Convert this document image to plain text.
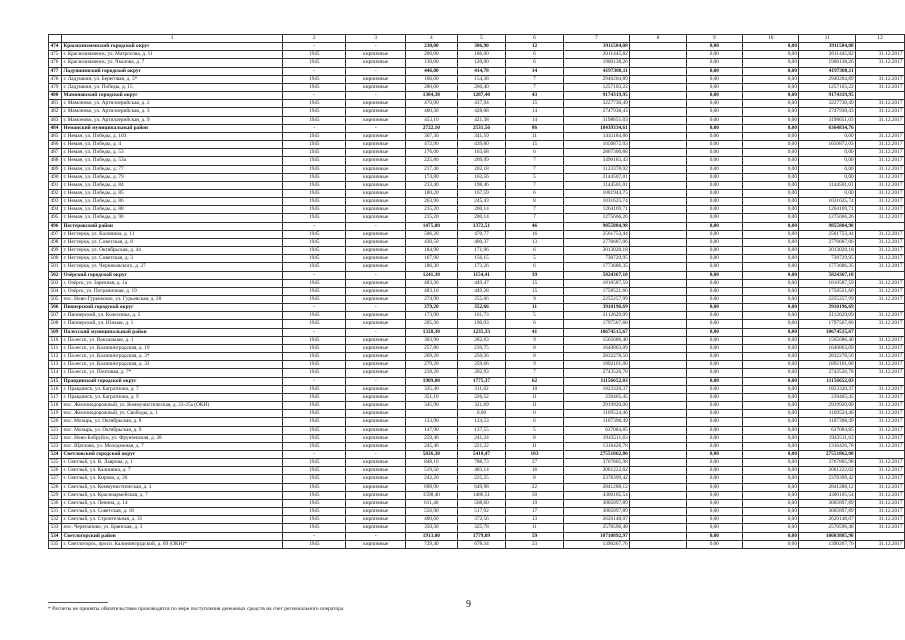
	1	2	3	4	5	6	7	8	9	10	11	12
474	Краснознаменский городской округ	-	-	230,00	306,90	12	3911584,08		0,00	0,00	3911584,08	
475	г. Краснознаменск, ул. Матросова, д. 11	1945	кирпичные	200,00	186,00	6	2011445,82		0,00	0,00	2011445,82	31.12.2017
476	г. Краснознаменск, ул. Чкалова, д. 7	1945	кирпичные	130,00	120,90	6	1900138,26		0,00	0,00	1900138,26	31.12.2017
477	Ладушкинский городской округ	-	-	446,00	414,78	14	4197308,11		0,00	0,00	4197308,11	
478	г. Ладушкин, ул. Береговая, д. 5*	1945	кирпичные	166,00	154,38	7	2940204,89		0,00	0,00	2940204,89	31.12.2017
479	г. Ладушкин, ул. Победы, д. 15	1945	кирпичные	280,00	260,40	7	1257103,22		0,00	0,00	1257103,22	31.12.2017
480	Мамоновский городской округ	-	-	1384,30	1287,40	43	9174319,95		0,00	0,00	9174319,95	
481	г. Мамоново, ул. Артиллерийская, д. 2	1945	кирпичные	470,90	437,94	15	3227730,49		0,00	0,00	3227730,49	31.12.2017
482	г. Мамоново, ул. Артиллерийская, д. 3	1945	кирпичные	460,30	428,08	14	2747938,43		0,00	0,00	2747938,43	31.12.2017
483	г. Мамоново, ул. Артиллерийская, д. 9	1945	кирпичные	453,10	421,38	14	3198651,03		0,00	0,00	3198651,03	31.12.2017
484	Неманский муниципальный район	-	-	2722,10	2531,56	86	18439334,61		0,00	0,00	6364834,76	
485	г. Неман, ул. Победы, д. 103	1945	кирпичные	367,30	341,59	11	1441184,86		0,00	0,00	0,00	31.12.2017
486	г. Неман, ул. Победы, д. 4	1945	кирпичные	472,90	439,80	15	1650872,03		0,00	0,00	1650872,03	31.12.2017
487	г. Неман, ул. Победы, д. 53	1945	кирпичные	176,00	163,68	6	2867300,88		0,00	0,00	0,00	31.12.2017
488	г. Неман, ул. Победы, д. 53а	1945	кирпичные	225,80	209,99	7	3490183,43		0,00	0,00	0,00	31.12.2017
489	г. Неман, ул. Победы, д. 77	1945	кирпичные	217,40	202,18	7	1123378,92		0,00	0,00	0,00	31.12.2017
490	г. Неман, ул. Победы, д. 79	1945	кирпичные	174,80	162,56	5	2144507,01		0,00	0,00	0,00	31.12.2017
491	г. Неман, ул. Победы, д. 84	1945	кирпичные	213,40	198,46	7	1144501,01		0,00	0,00	1144501,01	31.12.2017
492	г. Неман, ул. Победы, д. 85	1945	кирпичные	180,20	167,59	6	1001944,75		0,00	0,00	0,00	31.12.2017
493	г. Неман, ул. Победы, д. 86	1945	кирпичные	263,90	245,43	8	1031625,74		0,00	0,00	1031625,74	31.12.2017
494	г. Неман, ул. Победы, д. 88	1945	кирпичные	215,20	200,14	7	1264169,71		0,00	0,00	1264169,71	31.12.2017
495	г. Неман, ул. Победы, д. 90	1945	кирпичные	215,20	200,14	7	1275666,26		0,00	0,00	1275666,26	31.12.2017
496	Нестеровский район	-	-	1475,80	1372,51	46	9855884,98		0,00	0,00	9855884,98	
497	г. Нестеров, ул. Калинина, д. 11	1945	кирпичные	506,20	470,77	16	2561753,44		0,00	0,00	2561753,44	31.12.2017
498	г. Нестеров, ул. Советская, д. 8	1945	кирпичные	430,50	400,37	13	2776687,06		0,00	0,00	2776687,06	31.12.2017
499	г. Нестеров, ул. Октябрьская, д. 44	1945	кирпичные	184,90	171,96	6	2013028,18		0,00	0,00	2013028,18	31.12.2017
500	г. Нестеров, ул. Советская, д. 3	1945	кирпичные	167,90	156,15	5	730729,95		0,00	0,00	730729,95	31.12.2017
501	г. Нестеров, ул. Черняховского, д. 27	1945	кирпичные	186,30	173,26	6	1773686,35		0,00	0,00	1773686,35	31.12.2017
502	Озёрский городской округ	-	-	1241,30	1154,41	39	5824367,18		0,00	0,00	5824367,18	
503	г. Озёрск, ул. Заречная, д. 1а	1945	кирпичные	483,30	449,47	15	1810587,59		0,00	0,00	1810587,59	31.12.2017
504	г. Озёрск, ул. Пограничная, д. 19	1945	кирпичные	483,10	449,28	15	1758521,60		0,00	0,00	1758521,60	31.12.2017
505	пос. Ново-Гурьевское, ул. Гурьевская, д. 28	1945	кирпичные	274,90	255,66	9	2255257,99		0,00	0,00	2255257,99	31.12.2017
506	Пионерский городской округ	-	-	379,20	352,66	11	3910196,69		0,00	0,00	3910196,69	
507	г. Пионерский, ул. Колесника, д. 5	1945	кирпичные	173,90	161,73	5	2112629,09		0,00	0,00	2112629,09	31.12.2017
508	г. Пионерский, ул. Южная, д. 1	1945	кирпичные	205,30	190,93	6	1797567,60		0,00	0,00	1797567,60	31.12.2017
509	Полесский муниципальный район	-	-	1328,30	1235,33	41	10674515,67		0,00	0,00	10674515,67	
510	г. Полесск, ул. Вокзальная, д. 1	1945	кирпичные	303,90	282,63	9	1565686,40		0,00	0,00	1565686,40	31.12.2017
511	г. Полесск, ул. Калининградская, д. 19	1945	кирпичные	257,80	239,75	8	1640863,09		0,00	0,00	1640863,09	31.12.2017
512	г. Полесск, ул. Калининградская, д. 3*	1945	кирпичные	269,20	250,36	8	2832278,50		0,00	0,00	2832278,50	31.12.2017
513	г. Полесск, ул. Калининградская, д. 32	1945	кирпичные	279,20	259,66	9	1892161,00		0,00	0,00	1892161,00	31.12.2017
514	г. Полесск, ул. Почтовая, д. 7*	1945	кирпичные	218,20	202,93	7	2743526,78		0,00	0,00	2743526,78	31.12.2017
515	Правдинский городской округ	-	-	1909,00	1775,37	62	11156652,03		0,00	0,00	11156652,03	
516	г. Правдинск, ул. Багратиона, д. 7	1945	кирпичные	335,40	311,62	10	1823320,37		0,00	0,00	1823320,37	31.12.2017
517	г. Правдинск, ул. Багратиона, д. 9	1945	кирпичные	351,10	326,52	11	239465,45		0,00	0,00	239465,45	31.12.2017
518	пос. Железнодорожный, ул. Коммунистическая, д. 23-25а (ОКН)	1945	кирпичные	345,90	321,69	11	2919920,00		0,00	0,00	2919920,00	31.12.2017
519	пос. Железнодорожный, ул. Свободы, д. 1	1945	кирпичные		0,00	0	1169524,46		0,00	0,00	1169524,46	31.12.2017
520	пос. Мозырь, ул. Октябрьская, д. 8	1945	кирпичные	133,90	124,53	6	1107398,49		0,00	0,00	1107398,49	31.12.2017
521	пос. Мозырь, ул. Октябрьская, д. 9	1945	кирпичные	147,90	137,55	5	637084,85		0,00	0,00	637084,85	31.12.2017
522	пос. Ново-Бобруйск, ул. Фрунзенская, д. 28	1945	кирпичные	259,40	241,24	8	1943511,63		0,00	0,00	1943511,63	31.12.2017
523	пос. Щеглово, ул. Молодежная, д. 7	1945	кирпичные	245,40	221,22	11	1316426,78		0,00	0,00	1316426,78	31.12.2017
524	Светловский городской округ	-	-	5826,30	5418,47	183	27551862,00		0,00	0,00	27551862,00	
525	г. Светлый, ул. В. Лаврова, д. 1	1945	кирпичные	848,10	788,73	27	3767805,98		0,00	0,00	3767805,98	31.12.2017
526	г. Светлый, ул. Калинина, д. 7	1945	кирпичные	519,50	483,14	16	2061222,62		0,00	0,00	2061222,62	31.12.2017
527	г. Светлый, ул. Кирова, д. 26	1945	кирпичные	242,20	225,25	8	2378399,42		0,00	0,00	2378399,42	31.12.2017
528	г. Светлый, ул. Коммунистическая, д. 3	1945	кирпичные	698,90	649,98	22	2841288,12		0,00	0,00	2841288,12	31.12.2017
529	г. Светлый, ул. Красноармейская, д. 7	1945	кирпичные	1598,40	1486,51	50	4300105,54		0,00	0,00	4300105,54	31.12.2017
530	г. Светлый, ул. Ленина, д. 14	1945	кирпичные	611,40	568,60	19	3005897,89		0,00	0,00	3005897,89	31.12.2017
531	г. Светлый, ул. Советская, д. 18	1945	кирпичные	556,90	517,92	17	3005897,89		0,00	0,00	3005897,89	31.12.2017
532	г. Светлый, ул. Строительная, д. 31	1945	кирпичные	400,60	372,56	13	2620148,07		0,00	0,00	2620148,07	31.12.2017
533	пос. Черепаново, ул. Брянская, д. 3	1945	кирпичные	350,30	325,78	11	2570596,48		0,00	0,00	2570596,48	31.12.2017
534	Светлогорский район	-	-	1913,00	1779,09	59	10710892,97		0,00	0,00	10603885,98	
535	г. Светлогорск, просп. Калининградский, д. 69 (ОКН)*	1945	кирпичные	729,40	678,34	23	1390267,76		0,00	0,00	1390267,76	31.12.2017
* Расчеты не приняты обязательствам производятся по мере поступления денежных средств на счет регионального оператора	9
